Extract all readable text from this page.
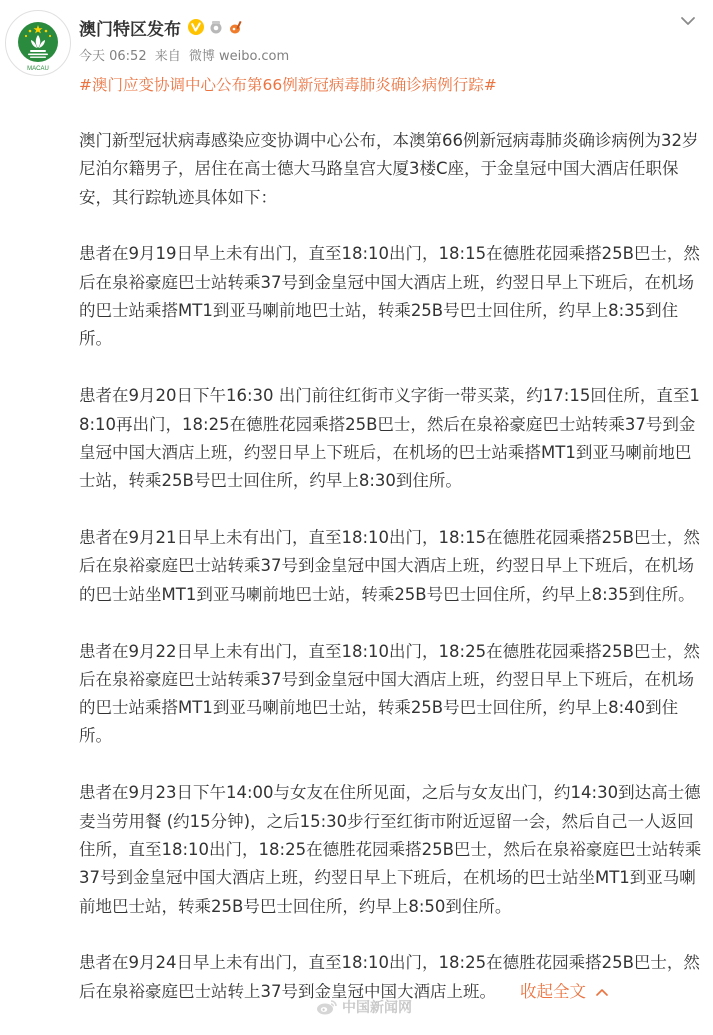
MACAU
澳门特区发布
今天 06:52 来自 微博 weibo.com
#澳门应变协调中心公布第66例新冠病毒肺炎确诊病例行踪#

澳门新型冠状病毒感染应变协调中心公布，本澳第66例新冠病毒肺炎确诊病例为32岁尼泊尔籍男子，居住在高士德大马路皇宫大厦3楼C座，于金皇冠中国大酒店任职保安，其行踪轨迹具体如下：

患者在9月19日早上未有出门，直至18:10出门，18:15在德胜花园乘搭25B巴士，然后在泉裕豪庭巴士站转乘37号到金皇冠中国大酒店上班，约翌日早上下班后，在机场的巴士站乘搭MT1到亚马喇前地巴士站，转乘25B号巴士回住所，约早上8:35到住所。

患者在9月20日下午16:30 出门前往红街市义字街一带买菜，约17:15回住所，直至18:10再出门，18:25在德胜花园乘搭25B巴士，然后在泉裕豪庭巴士站转乘37号到金皇冠中国大酒店上班，约翌日早上下班后，在机场的巴士站乘搭MT1到亚马喇前地巴士站，转乘25B号巴士回住所，约早上8:30到住所。

患者在9月21日早上未有出门，直至18:10出门，18:15在德胜花园乘搭25B巴士，然后在泉裕豪庭巴士站转乘37号到金皇冠中国大酒店上班，约翌日早上下班后，在机场的巴士站坐MT1到亚马喇前地巴士站，转乘25B号巴士回住所，约早上8:35到住所。

患者在9月22日早上未有出门，直至18:10出门，18:25在德胜花园乘搭25B巴士，然后在泉裕豪庭巴士站转乘37号到金皇冠中国大酒店上班，约翌日早上下班后，在机场的巴士站乘搭MT1到亚马喇前地巴士站，转乘25B号巴士回住所，约早上8:40到住所。

患者在9月23日下午14:00与女友在住所见面，之后与女友出门，约14:30到达高士德麦当劳用餐 (约15分钟)，之后15:30步行至红街市附近逗留一会，然后自己一人返回住所，直至18:10出门，18:25在德胜花园乘搭25B巴士，然后在泉裕豪庭巴士站转乘37号到金皇冠中国大酒店上班，约翌日早上下班后，在机场的巴士站坐MT1到亚马喇前地巴士站，转乘25B号巴士回住所，约早上8:50到住所。

患者在9月24日早上未有出门，直至18:10出门，18:25在德胜花园乘搭25B巴士，然后在泉裕豪庭巴士站转上37号到金皇冠中国大酒店上班。 收起全文

中国新闻网
